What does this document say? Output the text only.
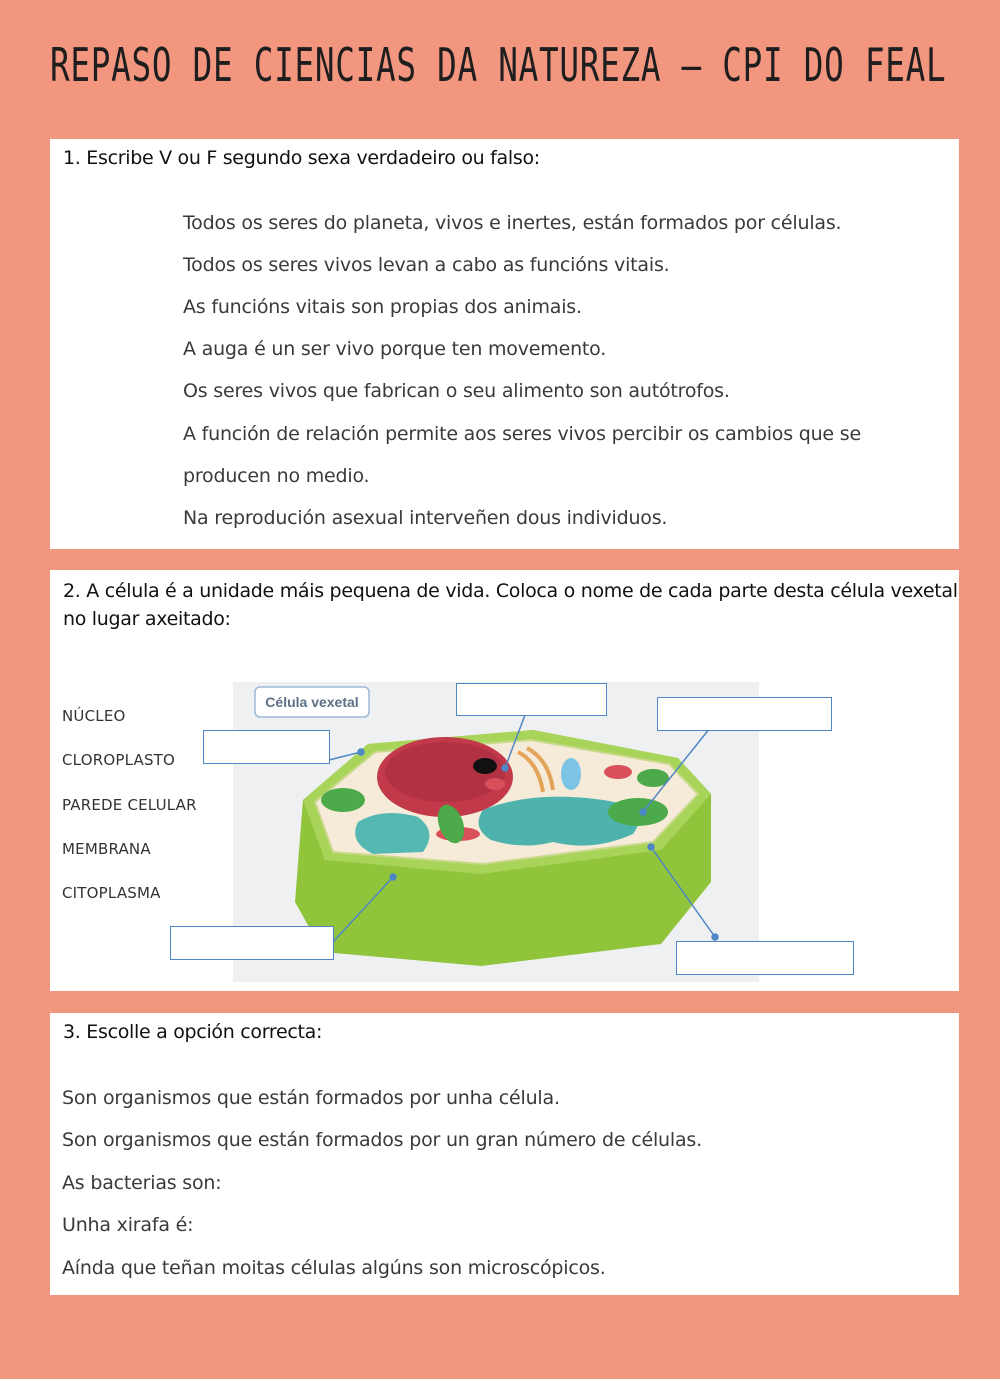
REPASO DE CIENCIAS DA NATUREZA – CPI DO FEAL
1. Escribe V ou F segundo sexa verdadeiro ou falso:
Todos os seres do planeta, vivos e inertes, están formados por células.
Todos os seres vivos levan a cabo as funcións vitais.
As funcións vitais son propias dos animais.
A auga é un ser vivo porque ten movemento.
Os seres vivos que fabrican o seu alimento son autótrofos.
A función de relación permite aos seres vivos percibir os cambios que se
producen no medio.
Na reprodución asexual interveñen dous individuos.
2. A célula é a unidade máis pequena de vida. Coloca o nome de cada parte desta célula vexetal
no lugar axeitado:
NÚCLEO
CLOROPLASTO
PAREDE CELULAR
MEMBRANA
CITOPLASMA
Célula vexetal
3. Escolle a opción correcta:
Son organismos que están formados por unha célula.
Son organismos que están formados por un gran número de células.
As bacterias son:
Unha xirafa é:
Aínda que teñan moitas células algúns son microscópicos.
